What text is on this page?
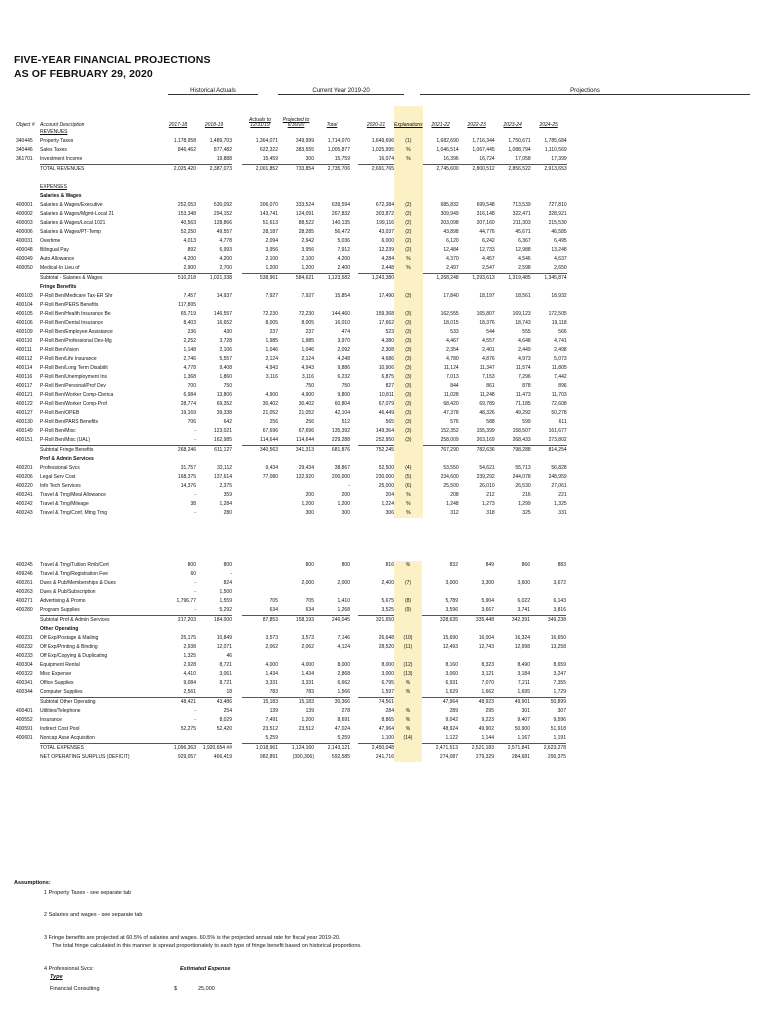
FIVE-YEAR FINANCIAL PROJECTIONS
AS OF FEBRUARY 29, 2020
Historical Actuals	Current Year 2019-20	Projections
Object #	Account Description	2017-18	2018-19		Actuals to 12/31/19	Projected to 6/30/20	Total		2020-21	Explanations	2021-22	2022-23	2023-24	2024-25
	REVENUES													
340445	Property Taxes	1,178,958	1,489,703		1,364,071	349,999	1,714,070		1,649,696	(1)	1,682,690	1,716,344	1,750,671	1,785,684
340446	Sales Taxes	846,462	877,482		622,322	383,555	1,005,877		1,025,995	%	1,046,514	1,067,445	1,088,794	1,110,569
361701	Investment Income		19,888		15,459	300	15,759		16,074	%	16,396	16,724	17,058	17,399
	TOTAL REVENUES	2,025,420	2,387,073		2,001,852	733,854	2,735,706		2,691,765		2,745,600	2,800,512	2,856,522	2,913,653

	EXPENSES													
	Salaries & Wages													
400001	Salaries & Wages/Executive	252,053	530,092		306,070	333,524	639,594		672,384	(2)	685,832	699,548	713,539	727,810
400002	Salaries & Wages/Mgmt-Local 21	153,348	294,152		143,741	124,091	267,832		303,872	(2)	309,949	316,148	322,471	328,921
400003	Salaries & Wages/Local 1021	40,563	128,866		51,613	88,522	140,135		199,116	(2)	203,098	207,160	211,303	215,530
400006	Salaries & Wages/PT-Temp	52,250	49,557		28,187	28,285	56,472		43,037	(2)	43,898	44,776	45,671	46,585
400031	Overtime	4,013	4,778		2,094	2,942	5,036		6,000	(2)	6,120	6,242	6,367	6,495
400048	Bilingual Pay	892	6,993		3,956	3,956	7,912		12,239	(2)	12,484	12,733	12,988	13,248
400049	Auto Allowance	4,200	4,200		2,100	2,100	4,200		4,284	%	4,370	4,457	4,546	4,637
400050	Medical-In Lieu of	2,900	2,700		1,200	1,200	2,400		2,448	%	2,497	2,547	2,598	2,650
	Subtotal - Salaries & Wages	510,218	1,021,338		538,961	584,621	1,123,582		1,243,380		1,268,248	1,293,613	1,319,485	1,345,874
	Fringe Benefits													
400103	P-Roll Ben/Medicare Tax-ER Shr	7,457	14,937		7,927	7,927	15,854		17,490	(3)	17,840	18,197	18,561	18,932
400104	P-Roll Ben/PERS Benefits	117,805												
400105	P-Roll Ben/Health Insurance Be	65,719	146,557		72,230	72,230	144,460		159,368	(3)	162,555	165,807	169,123	172,505
400106	P-Roll Ben/Dental Insurance	8,403	16,652		8,005	8,005	16,010		17,662	(3)	18,015	18,376	18,743	19,118
400109	P-Roll Ben/Employee Assistance	236	430		237	237	474		523	(3)	533	544	555	566
400110	P-Roll Ben/Professional Dev-Mg	2,252	3,728		1,985	1,985	3,970		4,380	(3)	4,467	4,557	4,648	4,741
400111	P-Roll Ben/Vision	1,148	2,106		1,046	1,046	2,092		2,308	(3)	2,354	2,401	2,449	2,498
400112	P-Roll Ben/Life Insurance	2,746	5,557		2,124	2,124	4,248		4,686	(3)	4,780	4,876	4,973	5,073
400114	P-Roll Ben/Long Term Disabilit	4,778	9,408		4,943	4,943	9,886		10,906	(3)	11,124	11,347	11,574	11,805
400116	P-Roll Ben/Unemployment Ins	1,368	1,860		3,116	3,116	6,232		6,875	(3)	7,013	7,153	7,296	7,442
400117	P-Roll Ben/Personal/Prof Dev	700	750			750	750		827	(3)	844	861	878	896
400121	P-Roll Ben/Worker Comp-Clerica	6,984	13,806		4,900	4,900	9,800		10,811	(3)	11,028	11,248	11,473	11,703
400122	P-Roll Ben/Worker Comp-Prof	28,774	69,352		30,402	30,402	60,804		67,079	(3)	68,420	69,789	71,185	72,608
400127	P-Roll Ben/OPEB	19,169	39,338		21,052	21,052	42,104		46,449	(3)	47,378	48,326	49,292	50,278
400130	P-Roll Ben/PARS Benefits	706	642		256	256	512		565	(3)	576	588	599	611
400149	P-Roll Ben/Misc	-	123,021		67,696	67,696	135,392		149,364	(3)	152,352	155,399	158,507	161,677
400151	P-Roll Ben/Misc (UAL)	-	162,985		114,644	114,644	229,288		252,950	(3)	258,009	263,169	268,433	273,802
	Subtotal Fringe Benefits	268,246	611,127		340,563	341,313	681,876		752,245		767,290	782,636	798,288	814,254
	Prof & Admin Services													
400201	Professional Svcs	31,757	32,112		9,434	29,434	38,867		52,500	(4)	53,550	54,621	55,713	56,828
400206	Legal Serv Cost	168,375	137,614		77,080	122,920	200,000		230,000	(5)	234,600	239,292	244,078	248,959
400220	Info Tech Services	14,376	2,375				-		25,000	(6)	25,500	26,010	26,530	27,061
400241	Travel & Trng/Meal Allowance	-	359			200	200		204	%	208	212	216	221
400242	Travel & Trng/Mileage	38	1,284			1,200	1,200		1,224	%	1,248	1,273	1,299	1,325
400243	Travel & Trng/Conf, Mtng Trng	-	280			300	300		306	%	312	318	325	331
400245	Travel & Trng/Tuition Rmb/Cert	800	800			800	800		816	%	832	849	866	883
499246	Travel & Trng/Registration Fee	60	-											
400261	Dues & Pub/Memberships & Dues	-	824			2,000	2,000		2,400	(7)	3,000	3,300	3,600	3,672
400263	Dues & Pub/Subscription	-	1,500											
400271	Advertising & Promo	1,796.77	1,559		705	705	1,410		5,675	(8)	5,789	5,904	6,022	6,143
400280	Program Supplies	-	5,292		634	634	1,268		3,525	(9)	3,596	3,667	3,741	3,816
	Subtotal Prof & Admin Services	217,203	184,000		87,853	158,193	246,045		321,650		328,635	335,448	342,391	349,238
	Other Operating													
400231	Off Exp/Postage & Mailing	25,175	10,849		3,573	3,573	7,146		26,648	(10)	15,690	16,004	16,324	16,650
400232	Off Exp/Printing & Binding	2,938	12,071		2,062	2,062	4,124		28,520	(11)	12,493	12,743	12,998	13,258
400233	Off Exp/Copying & Duplicating	1,325	46											
400304	Equipment Rental	2,928	8,721		4,000	4,000	8,000		8,000	(12)	8,160	8,323	8,490	8,659
400322	Misc Expense	4,410	3,061		1,434	1,434	2,868		3,000	(13)	3,060	3,121	3,184	3,247
400341	Office Supplies	9,084	8,721		3,331	3,331	6,662		6,795	%	6,931	7,070	7,211	7,355
400344	Computer Supplies	2,561	18		783	783	1,566		1,597	%	1,629	1,662	1,695	1,729
	Subtotal Other Operating	48,421	43,486		15,183	15,183	30,366		74,561		47,964	48,923	49,901	50,899
400401	Utilities/Telephone	-	254		139	139	278		284	%	289	295	301	307
400552	Insurance	-	8,029		7,491	1,200	8,691		8,865	%	9,042	9,223	9,407	9,596
400591	Indirect Cost Pool	52,275	52,420		23,512	23,512	47,024		47,964	%	48,924	49,902	50,900	51,918
400601	Noncap Asse Acquisition				5,259		5,259		1,100	(14)	1,122	1,144	1,167	1,191
	TOTAL EXPENSES	1,096,363	1,920,654 ##		1,018,961	1,124,160	2,143,121		2,450,048		2,471,513	2,521,183	2,571,841	2,623,278
	NET OPERATING SURPLUS (DEFICIT)	929,057	466,419		982,891	(390,306)	592,585		241,716		274,087	279,329	284,681	290,375
Assumptions:
1 Property Taxes - see separate tab
2 Salaries and wages - see separate tab
3 Fringe benefits are projected at 60.5% of salaries and wages. 60.5% is the projected annual rate for fiscal year 2019-20.
The total fringe calculated in this manner is spread proportionately to each type of fringe benefit based on historical proportions.
4 Professional Svcs:	Estimated Expense
Type
Financial Consulting	$	25,000
